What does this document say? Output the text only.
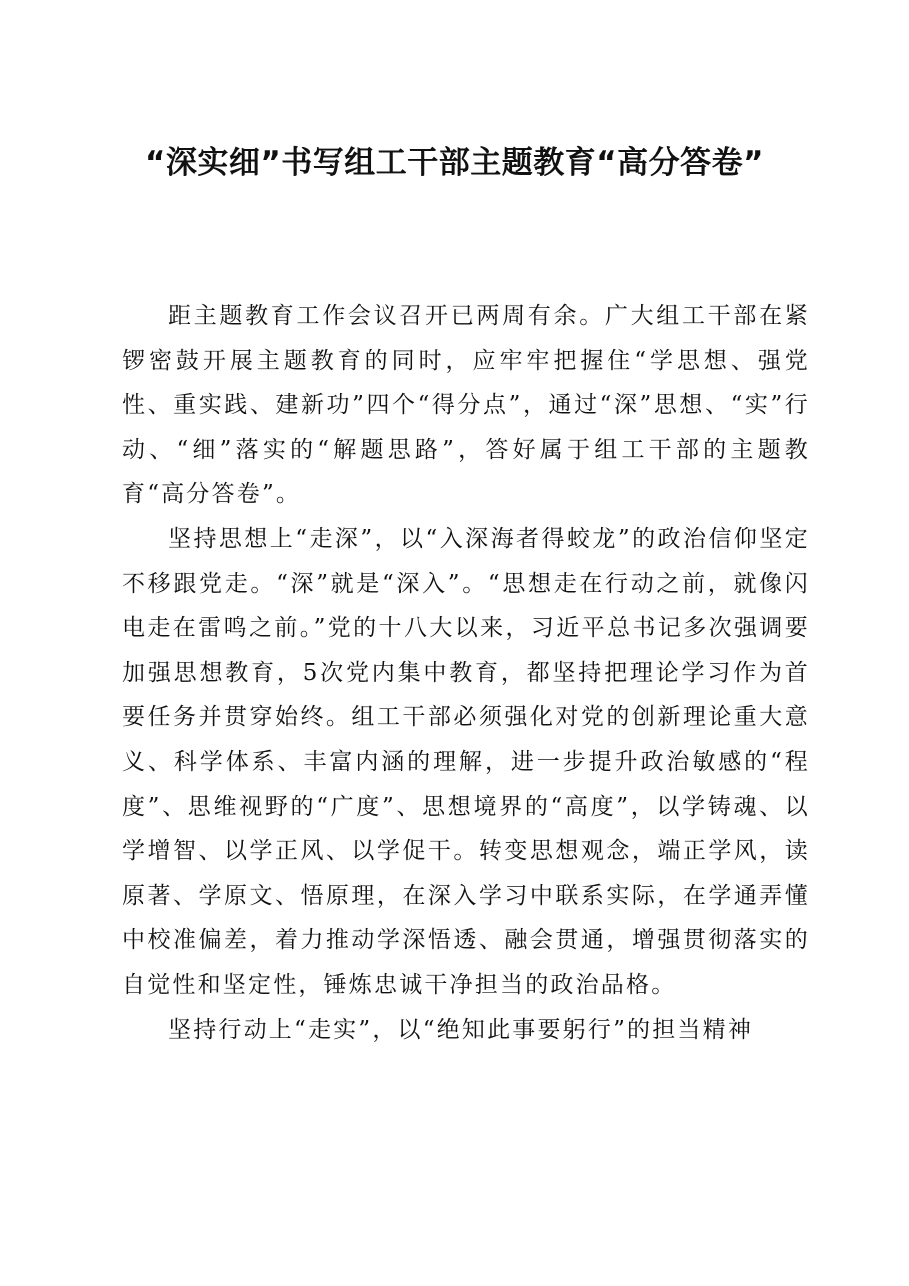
“深实细”书写组工干部主题教育“高分答卷”

距主题教育工作会议召开已两周有余。广大组工干部在紧锣密鼓开展主题教育的同时，应牢牢把握住“学思想、强党性、重实践、建新功”四个“得分点”，通过“深”思想、“实”行动、“细”落实的“解题思路”，答好属于组工干部的主题教育“高分答卷”。

坚持思想上“走深”，以“入深海者得蛟龙”的政治信仰坚定不移跟党走。“深”就是“深入”。“思想走在行动之前，就像闪电走在雷鸣之前。”党的十八大以来，习近平总书记多次强调要加强思想教育，5次党内集中教育，都坚持把理论学习作为首要任务并贯穿始终。组工干部必须强化对党的创新理论重大意义、科学体系、丰富内涵的理解，进一步提升政治敏感的“程度”、思维视野的“广度”、思想境界的“高度”，以学铸魂、以学增智、以学正风、以学促干。转变思想观念，端正学风，读原著、学原文、悟原理，在深入学习中联系实际，在学通弄懂中校准偏差，着力推动学深悟透、融会贯通，增强贯彻落实的自觉性和坚定性，锤炼忠诚干净担当的政治品格。

坚持行动上“走实”，以“绝知此事要躬行”的担当精神
